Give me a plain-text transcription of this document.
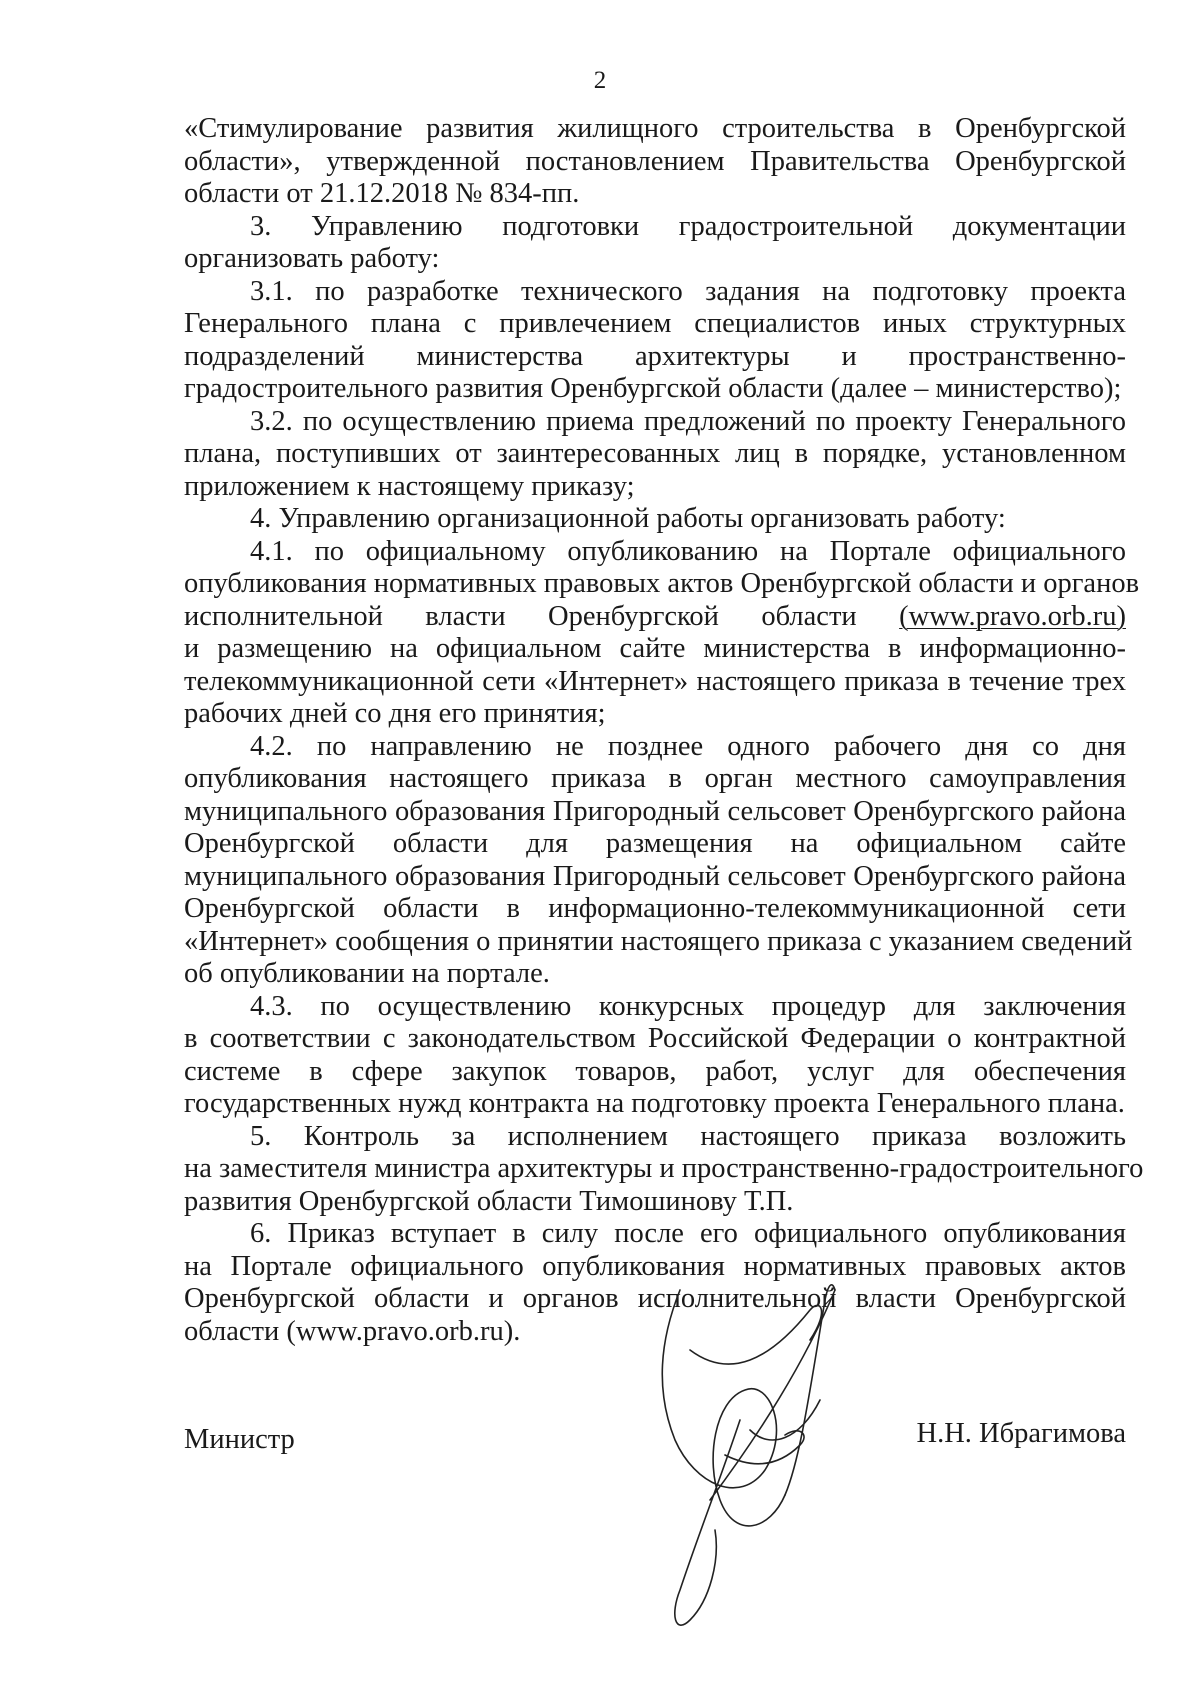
2

«Стимулирование развития жилищного строительства в Оренбургской

области», утвержденной постановлением Правительства Оренбургской

области от 21.12.2018 № 834-пп.

3. Управлению подготовки градостроительной документации

организовать работу:

3.1. по разработке технического задания на подготовку проекта

Генерального плана с привлечением специалистов иных структурных

подразделений министерства архитектуры и пространственно-

градостроительного развития Оренбургской области (далее – министерство);

3.2. по осуществлению приема предложений по проекту Генерального

плана, поступивших от заинтересованных лиц в порядке, установленном

приложением к настоящему приказу;

4. Управлению организационной работы организовать работу:

4.1. по официальному опубликованию на Портале официального

опубликования нормативных правовых актов Оренбургской области и органов

исполнительной власти Оренбургской области (www.pravo.orb.ru)

и размещению на официальном сайте министерства в информационно-

телекоммуникационной сети «Интернет» настоящего приказа в течение трех

рабочих дней со дня его принятия;

4.2. по направлению не позднее одного рабочего дня со дня

опубликования настоящего приказа в орган местного самоуправления

муниципального образования Пригородный сельсовет Оренбургского района

Оренбургской области для размещения на официальном сайте

муниципального образования Пригородный сельсовет Оренбургского района

Оренбургской области в информационно-телекоммуникационной сети

«Интернет» сообщения о принятии настоящего приказа с указанием сведений

об опубликовании на портале.

4.3. по осуществлению конкурсных процедур для заключения

в соответствии с законодательством Российской Федерации о контрактной

системе в сфере закупок товаров, работ, услуг для обеспечения

государственных нужд контракта на подготовку проекта Генерального плана.

5. Контроль за исполнением настоящего приказа возложить

на заместителя министра архитектуры и пространственно-градостроительного

развития Оренбургской области Тимошинову Т.П.

6. Приказ вступает в силу после его официального опубликования

на Портале официального опубликования нормативных правовых актов

Оренбургской области и органов исполнительной власти Оренбургской

области (www.pravo.orb.ru).

Министр	Н.Н. Ибрагимова
